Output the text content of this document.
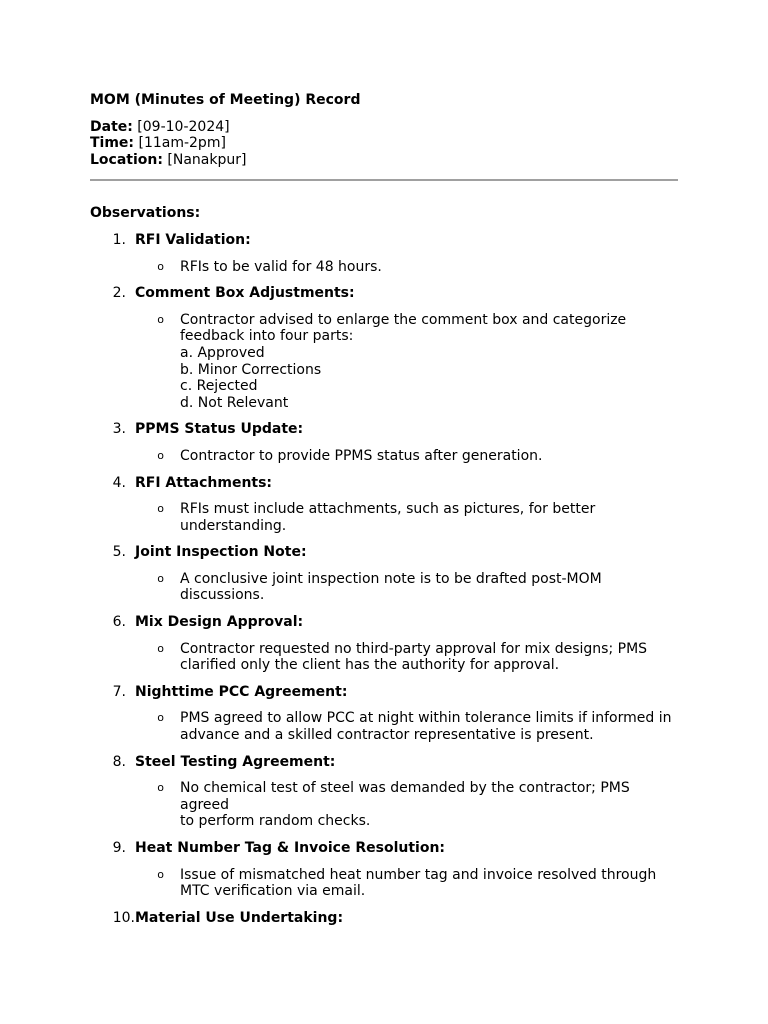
MOM (Minutes of Meeting) Record
Date: [09-10-2024]
Time: [11am-2pm]
Location: [Nanakpur]
Observations:
1. RFI Validation:
o	RFIs to be valid for 48 hours.
2. Comment Box Adjustments:
o	Contractor advised to enlarge the comment box and categorize
feedback into four parts:
a. Approved
b. Minor Corrections
c. Rejected
d. Not Relevant
3. PPMS Status Update:
o	Contractor to provide PPMS status after generation.
4. RFI Attachments:
o	RFIs must include attachments, such as pictures, for better
understanding.
5. Joint Inspection Note:
o	A conclusive joint inspection note is to be drafted post-MOM
discussions.
6. Mix Design Approval:
o	Contractor requested no third-party approval for mix designs; PMS
clarified only the client has the authority for approval.
7. Nighttime PCC Agreement:
o	PMS agreed to allow PCC at night within tolerance limits if informed in
advance and a skilled contractor representative is present.
8. Steel Testing Agreement:
o	No chemical test of steel was demanded by the contractor; PMS agreed
to perform random checks.
9. Heat Number Tag & Invoice Resolution:
o	Issue of mismatched heat number tag and invoice resolved through
MTC verification via email.
10. Material Use Undertaking:
